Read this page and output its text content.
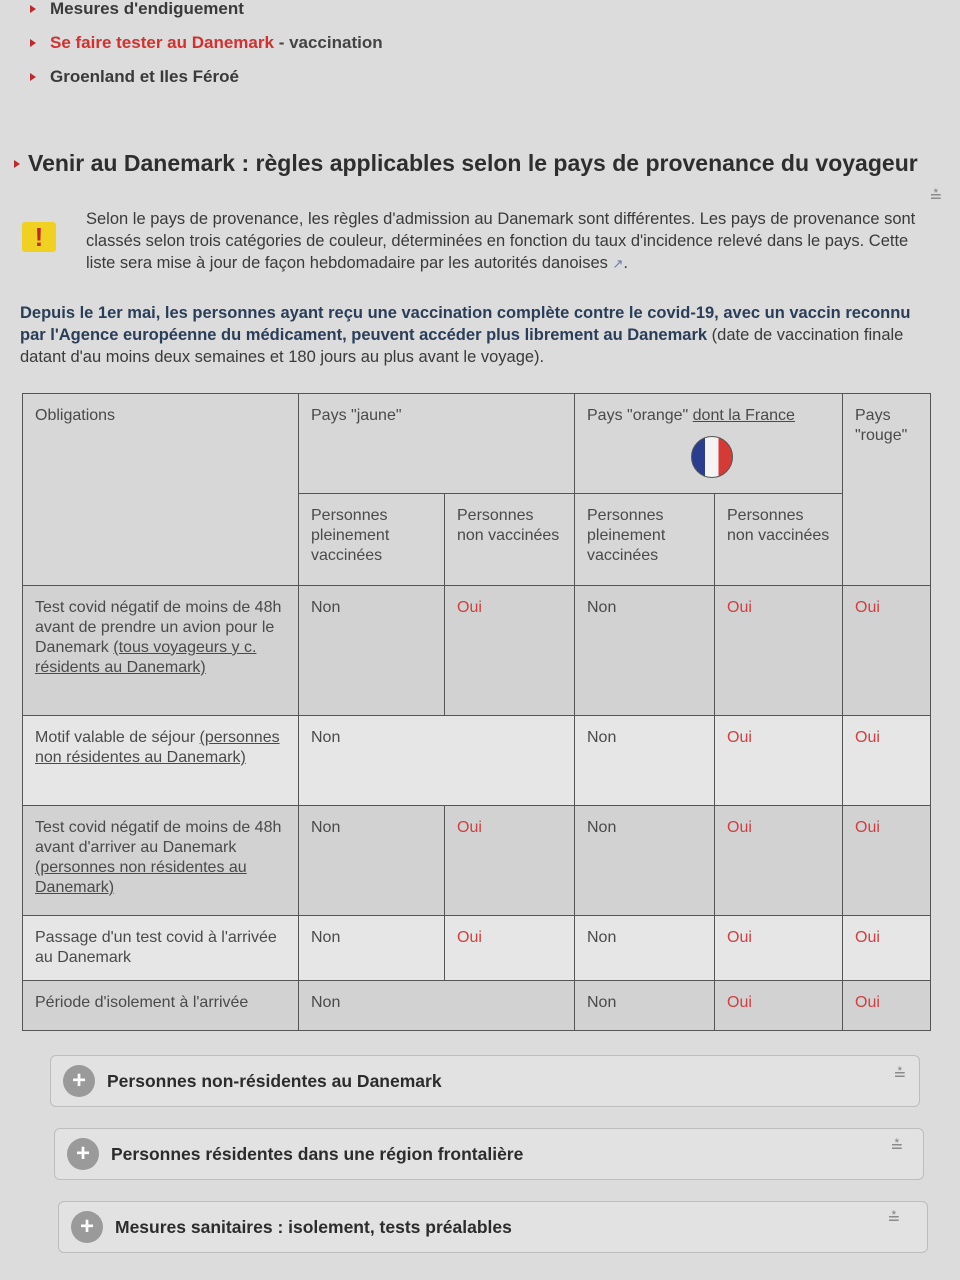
Mesures d'endiguement
Se faire tester au Danemark
- vaccination
Groenland et Iles Féroé
Venir au Danemark : règles applicables selon le pays de provenance du voyageur
⩮
!
Selon le pays de provenance, les règles d'admission au Danemark sont différentes. Les pays de provenance sont classés selon trois catégories de couleur, déterminées en fonction du taux d'incidence relevé dans le pays. Cette liste sera mise à jour de façon hebdomadaire par les autorités danoises ↗.
Depuis le 1er mai, les personnes ayant reçu une vaccination complète contre le covid-19, avec un vaccin reconnu par l'Agence européenne du médicament, peuvent accéder plus librement au Danemark (date de vaccination finale datant d'au moins deux semaines et 180 jours au plus avant le voyage).
Obligations	Pays "jaune"		Pays "orange" dont la France		Pays "rouge"
	Personnes pleinement vaccinées	Personnes non vaccinées	Personnes pleinement vaccinées	Personnes non vaccinées	
Test covid négatif de moins de 48h avant de prendre un avion pour le Danemark (tous voyageurs y c. résidents au Danemark)	Non	Oui	Non	Oui	Oui
Motif valable de séjour (personnes non résidentes au Danemark)	Non		Non	Oui	Oui
Test covid négatif de moins de 48h avant d'arriver au Danemark (personnes non résidentes au Danemark)	Non	Oui	Non	Oui	Oui
Passage d'un test covid à l'arrivée au Danemark	Non	Oui	Non	Oui	Oui
Période d'isolement à l'arrivée	Non		Non	Oui	Oui
+	Personnes non-résidentes au Danemark	⩮
+	Personnes résidentes dans une région frontalière	⩮
+	Mesures sanitaires : isolement, tests préalables	⩮
